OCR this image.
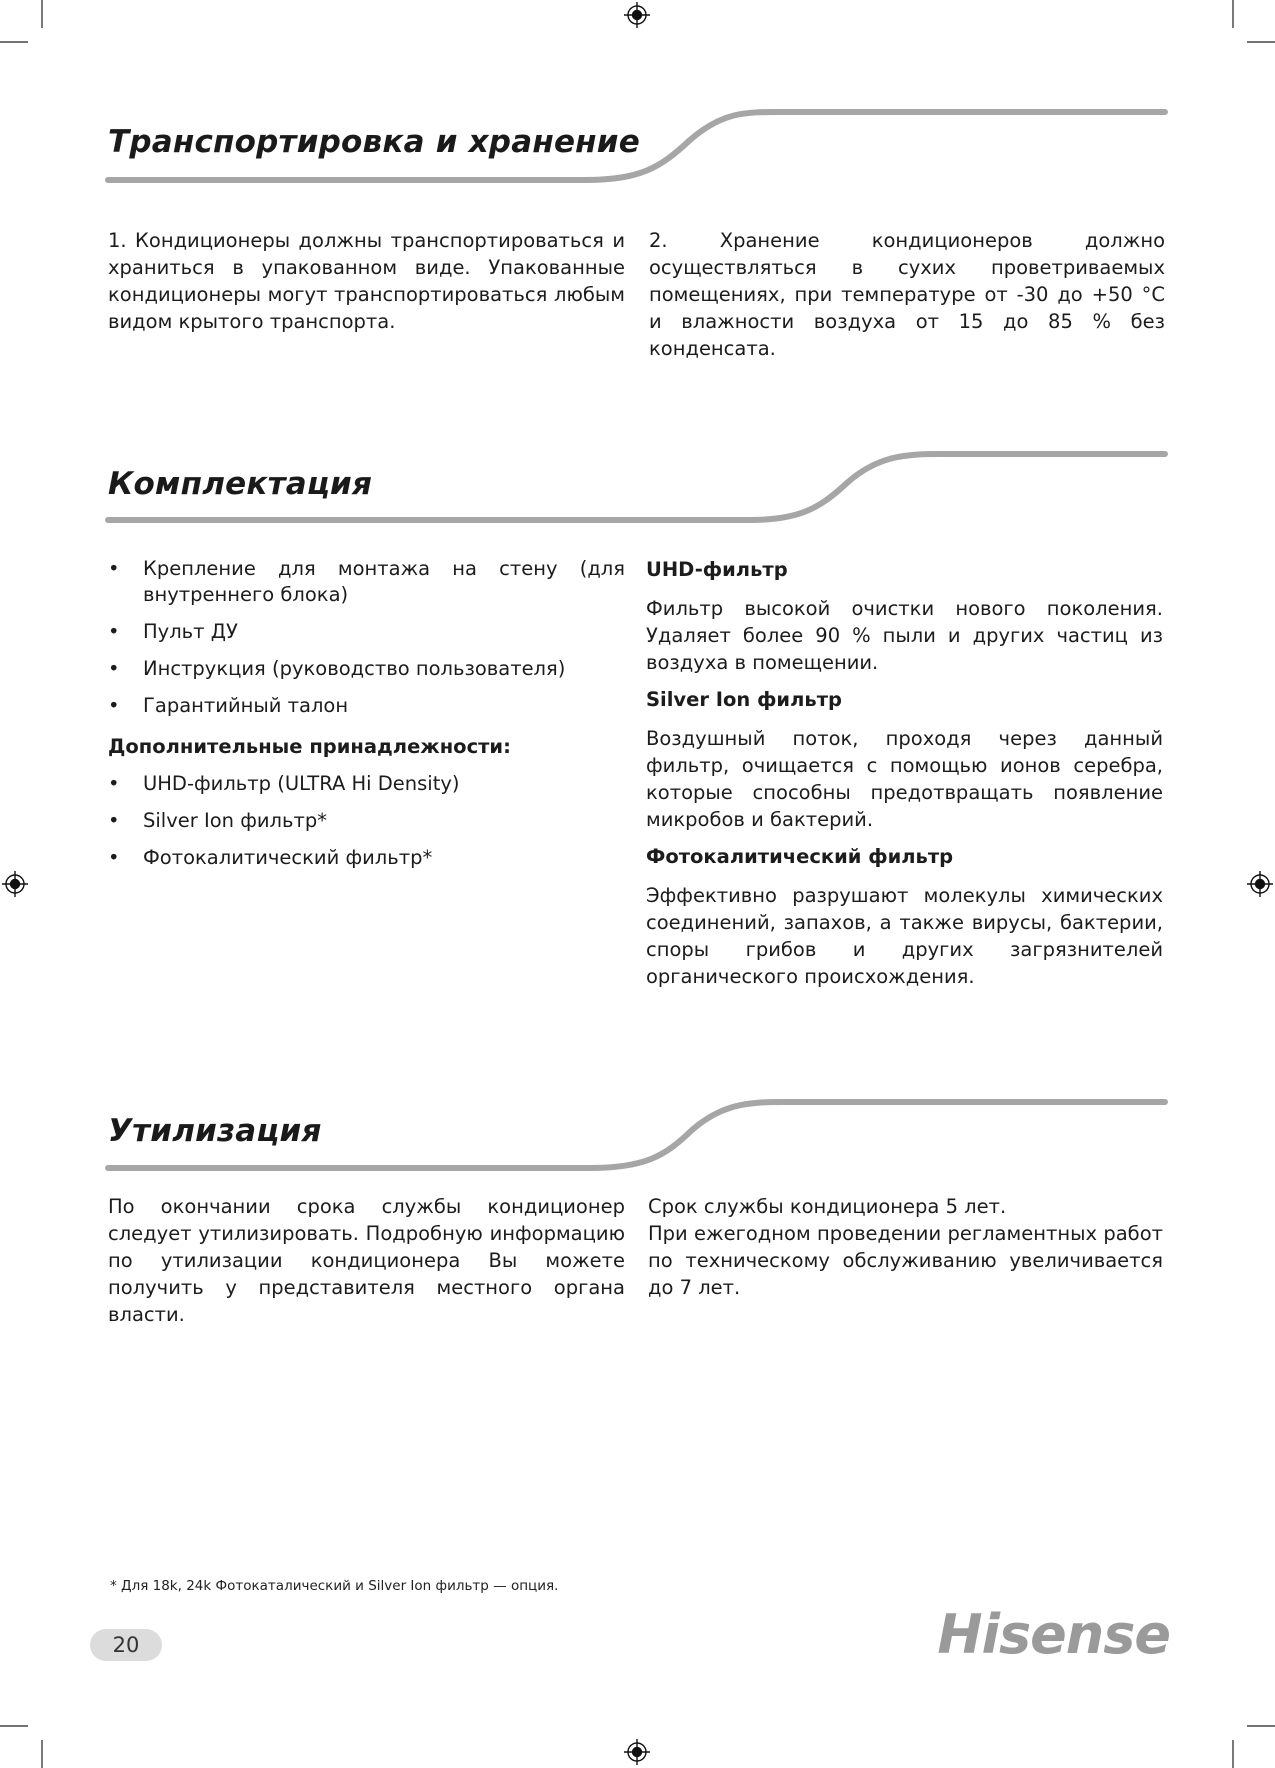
Транспортировка и хранение

1. Кондиционеры должны транспортироваться и храниться в упакованном виде. Упакованные кондиционеры могут транспортироваться любым видом крытого транспорта.

2. Хранение кондиционеров должно осуществляться в сухих проветриваемых помещениях, при температуре от -30 до +50 °C и влажности воздуха от 15 до 85 % без конденсата.

Комплектация
• Крепление для монтажа на стену (для внутреннего блока)
• Пульт ДУ
• Инструкция (руководство пользователя)
• Гарантийный талон

Дополнительные принадлежности:

• UHD-фильтр (ULTRA Hi Density)
• Silver Ion фильтр*
• Фотокалитический фильтр*

UHD-фильтр

Фильтр высокой очистки нового поколения. Удаляет более 90 % пыли и других частиц из воздуха в помещении.

Silver Ion фильтр

Воздушный поток, проходя через данный фильтр, очищается с помощью ионов серебра, которые способны предотвращать появление микробов и бактерий.

Фотокалитический фильтр

Эффективно разрушают молекулы химических соединений, запахов, а также вирусы, бактерии, споры грибов и других загрязнителей органического происхождения.

Утилизация

По окончании срока службы кондиционер следует утилизировать. Подробную информацию по утилизации кондиционера Вы можете получить у представителя местного органа власти.

Срок службы кондиционера 5 лет.

При ежегодном проведении регламентных работ по техническому обслуживанию увеличивается до 7 лет.

* Для 18k, 24k Фотокаталический и Silver Ion фильтр — опция.
20	Hisense
